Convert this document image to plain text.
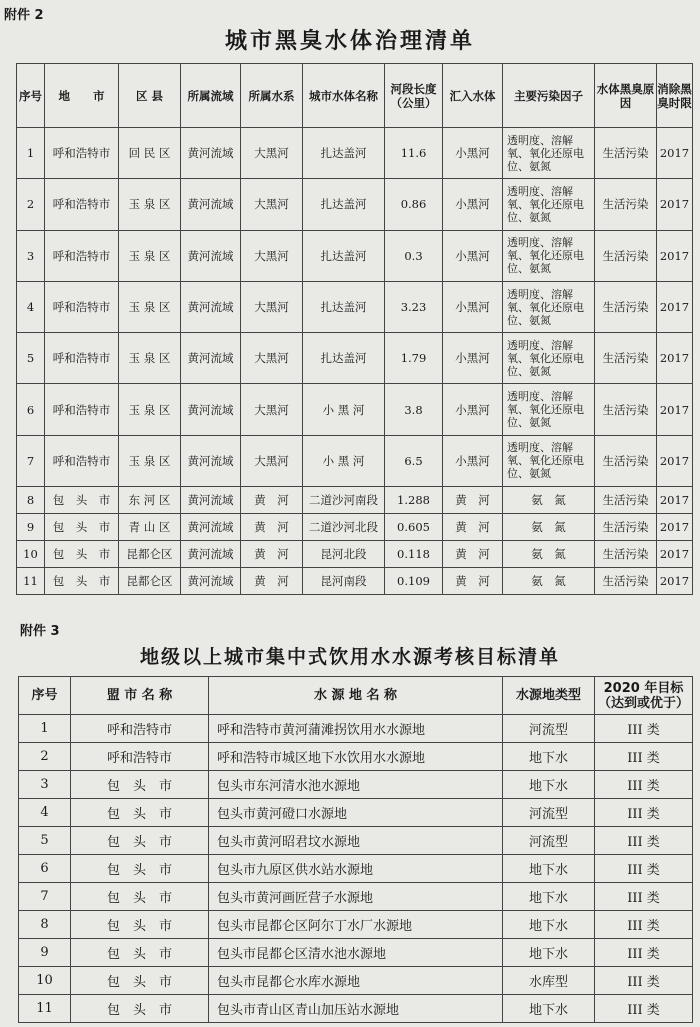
附件 2
城市黑臭水体治理清单
序号	地　　市	区 县	所属流域	所属水系	城市水体名称	河段长度（公里）	汇入水体	主要污染因子	水体黑臭原　　因	消除黑臭时限
1	呼和浩特市	回 民 区	黄河流域	大黑河	扎达盖河	11.6	小黑河	透明度、溶解氧、氧化还原电位、氨氮	生活污染	2017
2	呼和浩特市	玉 泉 区	黄河流域	大黑河	扎达盖河	0.86	小黑河	透明度、溶解氧、氧化还原电位、氨氮	生活污染	2017
3	呼和浩特市	玉 泉 区	黄河流域	大黑河	扎达盖河	0.3	小黑河	透明度、溶解氧、氧化还原电位、氨氮	生活污染	2017
4	呼和浩特市	玉 泉 区	黄河流域	大黑河	扎达盖河	3.23	小黑河	透明度、溶解氧、氧化还原电位、氨氮	生活污染	2017
5	呼和浩特市	玉 泉 区	黄河流域	大黑河	扎达盖河	1.79	小黑河	透明度、溶解氧、氧化还原电位、氨氮	生活污染	2017
6	呼和浩特市	玉 泉 区	黄河流域	大黑河	小 黑 河	3.8	小黑河	透明度、溶解氧、氧化还原电位、氨氮	生活污染	2017
7	呼和浩特市	玉 泉 区	黄河流域	大黑河	小 黑 河	6.5	小黑河	透明度、溶解氧、氧化还原电位、氨氮	生活污染	2017
8	包　头　市	东 河 区	黄河流域	黄　河	二道沙河南段	1.288	黄　河	氨　氮	生活污染	2017
9	包　头　市	青 山 区	黄河流域	黄　河	二道沙河北段	0.605	黄　河	氨　氮	生活污染	2017
10	包　头　市	昆都仑区	黄河流域	黄　河	昆河北段	0.118	黄　河	氨　氮	生活污染	2017
11	包　头　市	昆都仑区	黄河流域	黄　河	昆河南段	0.109	黄　河	氨　氮	生活污染	2017
附件 3
地级以上城市集中式饮用水水源考核目标清单
序号	盟 市 名 称	水 源 地 名 称	水源地类型	2020 年目标（达到或优于）
1	呼和浩特市	呼和浩特市黄河蒲滩拐饮用水水源地	河流型	III 类
2	呼和浩特市	呼和浩特市城区地下水饮用水水源地	地下水	III 类
3	包　头　市	包头市东河清水池水源地	地下水	III 类
4	包　头　市	包头市黄河磴口水源地	河流型	III 类
5	包　头　市	包头市黄河昭君坟水源地	河流型	III 类
6	包　头　市	包头市九原区供水站水源地	地下水	III 类
7	包　头　市	包头市黄河画匠营子水源地	地下水	III 类
8	包　头　市	包头市昆都仑区阿尔丁水厂水源地	地下水	III 类
9	包　头　市	包头市昆都仑区清水池水源地	地下水	III 类
10	包　头　市	包头市昆都仑水库水源地	水库型	III 类
11	包　头　市	包头市青山区青山加压站水源地	地下水	III 类
